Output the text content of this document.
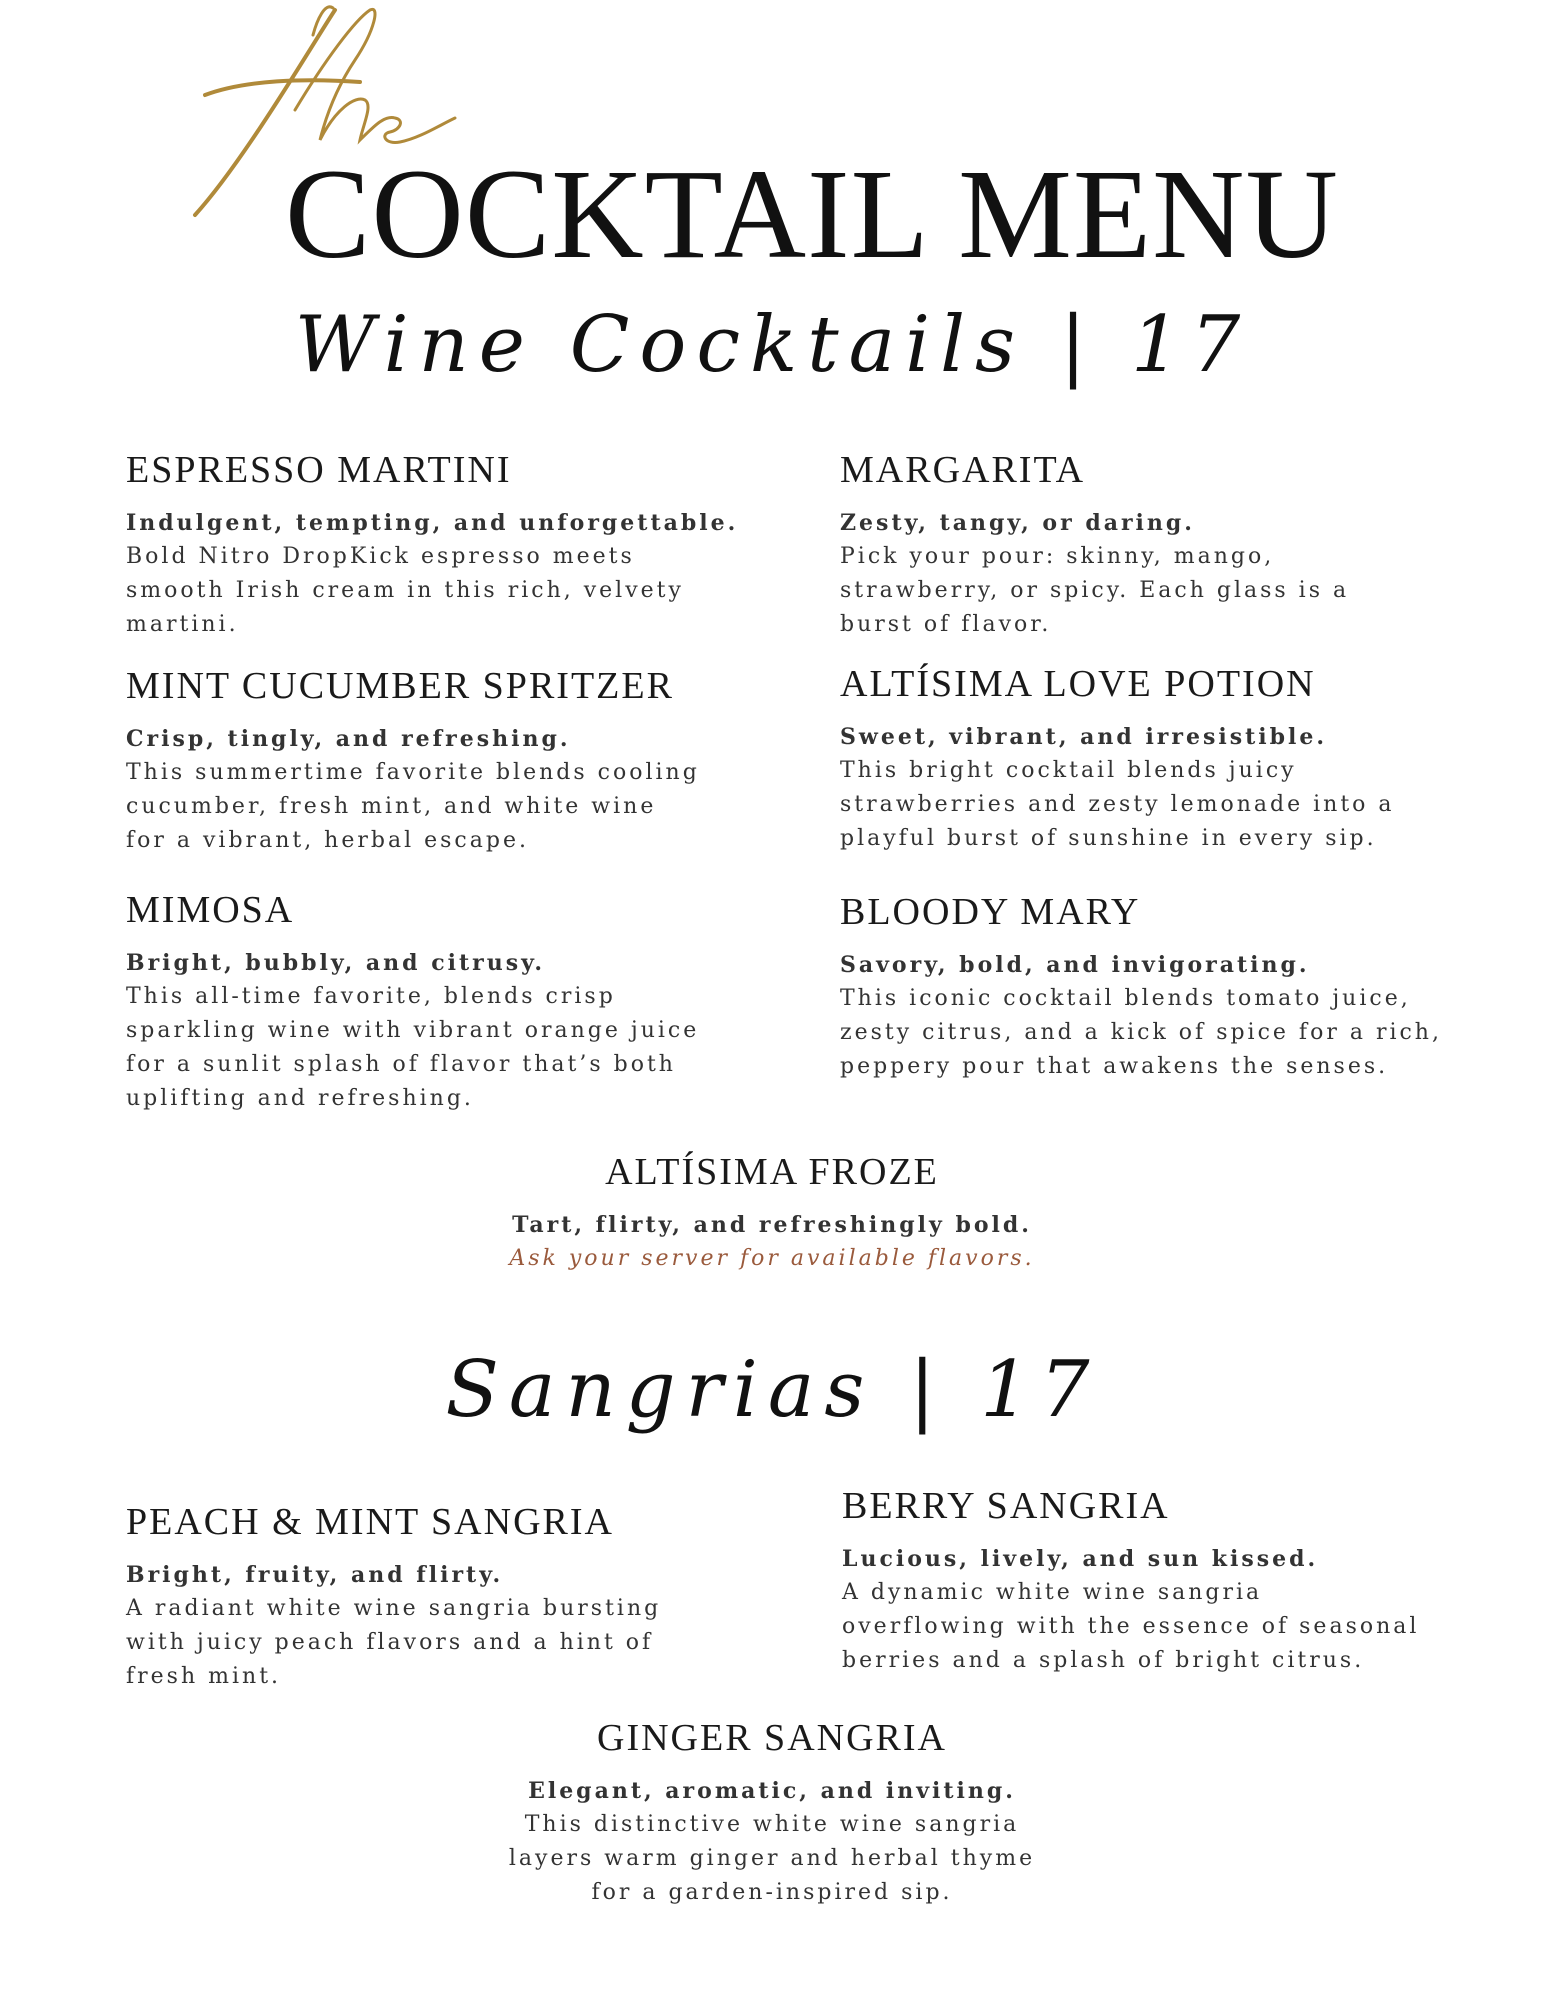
COCKTAIL MENU
Wine Cocktails | 17
ESPRESSO MARTINI
Indulgent, tempting, and unforgettable.
Bold Nitro DropKick espresso meets
smooth Irish cream in this rich, velvety
martini.
MARGARITA
Zesty, tangy, or daring.
Pick your pour: skinny, mango,
strawberry, or spicy. Each glass is a
burst of flavor.
MINT CUCUMBER SPRITZER
Crisp, tingly, and refreshing.
This summertime favorite blends cooling
cucumber, fresh mint, and white wine
for a vibrant, herbal escape.
ALTÍSIMA LOVE POTION
Sweet, vibrant, and irresistible.
This bright cocktail blends juicy
strawberries and zesty lemonade into a
playful burst of sunshine in every sip.
MIMOSA
Bright, bubbly, and citrusy.
This all-time favorite, blends crisp
sparkling wine with vibrant orange juice
for a sunlit splash of flavor that’s both
uplifting and refreshing.
BLOODY MARY
Savory, bold, and invigorating.
This iconic cocktail blends tomato juice,
zesty citrus, and a kick of spice for a rich,
peppery pour that awakens the senses.
ALTÍSIMA FROZE
Tart, flirty, and refreshingly bold.
Ask your server for available flavors.
Sangrias | 17
PEACH & MINT SANGRIA
Bright, fruity, and flirty.
A radiant white wine sangria bursting
with juicy peach flavors and a hint of
fresh mint.
BERRY SANGRIA
Lucious, lively, and sun kissed.
A dynamic white wine sangria
overflowing with the essence of seasonal
berries and a splash of bright citrus.
GINGER SANGRIA
Elegant, aromatic, and inviting.
This distinctive white wine sangria
layers warm ginger and herbal thyme
for a garden-inspired sip.
